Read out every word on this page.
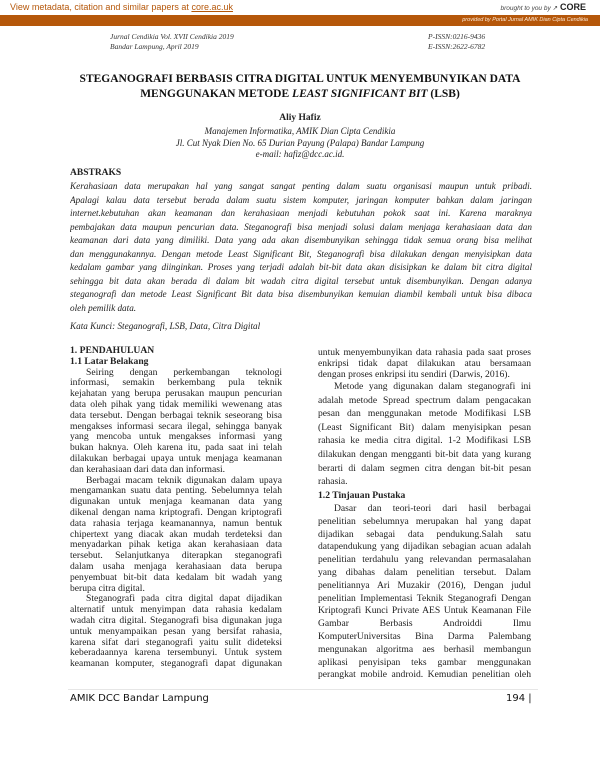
View metadata, citation and similar papers at core.ac.uk	brought to you by ↗ CORE
provided by Portal Jurnal AMIK Dian Cipta Cendikia
Jurnal Cendikia Vol. XVII Cendikia 2019
Bandar Lampung, April 2019
P-ISSN:0216-9436
E-ISSN:2622-6782
STEGANOGRAFI BERBASIS CITRA DIGITAL UNTUK MENYEMBUNYIKAN DATA
MENGGUNAKAN METODE LEAST SIGNIFICANT BIT (LSB)
Aliy Hafiz
Manajemen Informatika, AMIK Dian Cipta Cendikia
Jl. Cut Nyak Dien No. 65 Durian Payung (Palapa) Bandar Lampung
e-mail: hafiz@dcc.ac.id.
ABSTRAKS
Kerahasiaan data merupakan hal yang sangat sangat penting dalam suatu organisasi maupun untuk pribadi.
Apalagi kalau data tersebut berada dalam suatu sistem komputer, jaringan komputer bahkan dalam jaringan
internet.kebutuhan akan keamanan dan kerahasiaan menjadi kebutuhan pokok saat ini. Karena maraknya
pembajakan data maupun pencurian data. Steganografi bisa menjadi solusi dalam menjaga kerahasiaan data dan
keamanan dari data yang dimiliki. Data yang ada akan disembunyikan sehingga tidak semua orang bisa melihat
dan menggunakannya. Dengan metode Least Significant Bit, Steganografi bisa dilakukan dengan menyisipkan data
kedalam gambar yang diinginkan. Proses yang terjadi adalah bit-bit data akan disisipkan ke dalam bit citra digital
sehingga bit data akan berada di dalam bit wadah citra digital tersebut untuk disembunyikan. Dengan adanya
steganografi dan metode Least Significant Bit data bisa disembunyikan kemuian diambil kembali untuk bisa dibaca
oleh pemilik data.
Kata Kunci: Steganografi, LSB, Data, Citra Digital
1. PENDAHULUAN
1.1 Latar Belakang
Seiring dengan perkembangan teknologi
informasi, semakin berkembang pula teknik
kejahatan yang berupa perusakan maupun pencurian
data oleh pihak yang tidak memiliki wewenang atas
data tersebut. Dengan berbagai teknik seseorang bisa
mengakses informasi secara ilegal, sehingga banyak
yang mencoba untuk mengakses informasi yang
bukan haknya. Oleh karena itu, pada saat ini telah
dilakukan berbagai upaya untuk menjaga keamanan
dan kerahasiaan dari data dan informasi.
Berbagai macam teknik digunakan dalam upaya
mengamankan suatu data penting. Sebelumnya telah
digunakan untuk menjaga keamanan data yang
dikenal dengan nama kriptografi. Dengan kriptografi
data rahasia terjaga keamanannya, namun bentuk
chipertext yang diacak akan mudah terdeteksi dan
menyadarkan pihak ketiga akan kerahasiaan data
tersebut. Selanjutkanya diterapkan steganografi
dalam usaha menjaga kerahasiaan data berupa
penyembuat bit-bit data kedalam bit wadah yang
berupa citra digital.
Steganografi pada citra digital dapat dijadikan
alternatif untuk menyimpan data rahasia kedalam
wadah citra digital. Steganografi bisa digunakan juga
untuk menyampaikan pesan yang bersifat rahasia,
karena sifat dari steganografi yaitu sulit dideteksi
keberadaannya karena tersembunyi. Untuk system
keamanan komputer, steganografi dapat digunakan
untuk menyembunyikan data rahasia pada saat proses
enkripsi tidak dapat dilakukan atau bersamaan
dengan proses enkripsi itu sendiri (Darwis, 2016).
Metode yang digunakan dalam steganografi ini
adalah metode Spread spectrum dalam pengacakan
pesan dan menggunakan metode Modifikasi LSB
(Least Significant Bit) dalam menyisipkan pesan
rahasia ke media citra digital. 1-2 Modifikasi LSB
dilakukan dengan mengganti bit-bit data yang kurang
berarti di dalam segmen citra dengan bit-bit pesan
rahasia.
1.2 Tinjauan Pustaka
Dasar dan teori-teori dari hasil berbagai
penelitian sebelumnya merupakan hal yang dapat
dijadikan sebagai data pendukung.Salah satu
datapendukung yang dijadikan sebagian acuan adalah
penelitian terdahulu yang relevandan permasalahan
yang dibahas dalam penelitian tersebut. Dalam
penelitiannya Ari Muzakir (2016), Dengan judul
penelitian Implementasi Teknik Steganografi Dengan
Kriptografi Kunci Private AES Untuk Keamanan File
Gambar Berbasis Androiddi Ilmu
KomputerUniversitas Bina Darma Palembang
mengunakan algoritma aes berhasil membangun
aplikasi penyisipan teks gambar menggunakan
perangkat mobile android. Kemudian penelitian oleh
AMIK DCC Bandar Lampung	194 |
